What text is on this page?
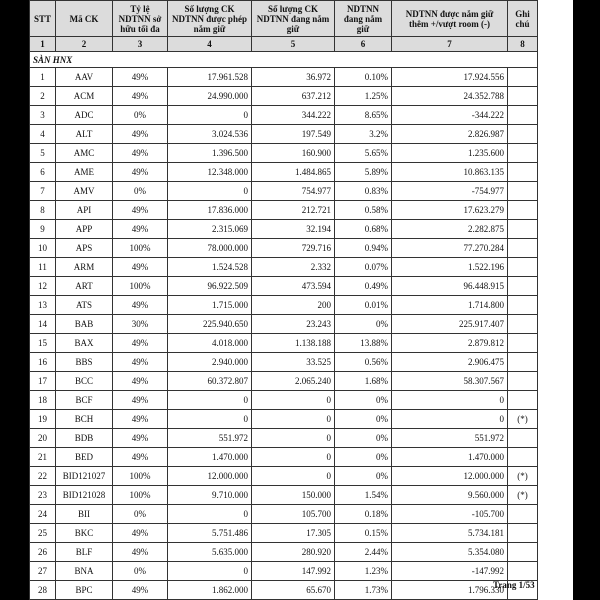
STT	Mã CK	Tỷ lệ NDTNN sở hữu tối đa	Số lượng CK NDTNN được phép nắm giữ	Số lượng CK NDTNN đang nắm giữ	NDTNN đang nắm giữ	NDTNN được nắm giữ thêm +/vượt room (-)	Ghi chú
1	2	3	4	5	6	7	8
SÀN HNX							
1	AAV	49%	17.961.528	36.972	0.10%	17.924.556	
2	ACM	49%	24.990.000	637.212	1.25%	24.352.788	
3	ADC	0%	0	344.222	8.65%	-344.222	
4	ALT	49%	3.024.536	197.549	3.2%	2.826.987	
5	AMC	49%	1.396.500	160.900	5.65%	1.235.600	
6	AME	49%	12.348.000	1.484.865	5.89%	10.863.135	
7	AMV	0%	0	754.977	0.83%	-754.977	
8	API	49%	17.836.000	212.721	0.58%	17.623.279	
9	APP	49%	2.315.069	32.194	0.68%	2.282.875	
10	APS	100%	78.000.000	729.716	0.94%	77.270.284	
11	ARM	49%	1.524.528	2.332	0.07%	1.522.196	
12	ART	100%	96.922.509	473.594	0.49%	96.448.915	
13	ATS	49%	1.715.000	200	0.01%	1.714.800	
14	BAB	30%	225.940.650	23.243	0%	225.917.407	
15	BAX	49%	4.018.000	1.138.188	13.88%	2.879.812	
16	BBS	49%	2.940.000	33.525	0.56%	2.906.475	
17	BCC	49%	60.372.807	2.065.240	1.68%	58.307.567	
18	BCF	49%	0	0	0%	0	
19	BCH	49%	0	0	0%	0	(*)
20	BDB	49%	551.972	0	0%	551.972	
21	BED	49%	1.470.000	0	0%	1.470.000	
22	BID121027	100%	12.000.000	0	0%	12.000.000	(*)
23	BID121028	100%	9.710.000	150.000	1.54%	9.560.000	(*)
24	BII	0%	0	105.700	0.18%	-105.700	
25	BKC	49%	5.751.486	17.305	0.15%	5.734.181	
26	BLF	49%	5.635.000	280.920	2.44%	5.354.080	
27	BNA	0%	0	147.992	1.23%	-147.992	
28	BPC	49%	1.862.000	65.670	1.73%	1.796.330	
Trang 1/53
